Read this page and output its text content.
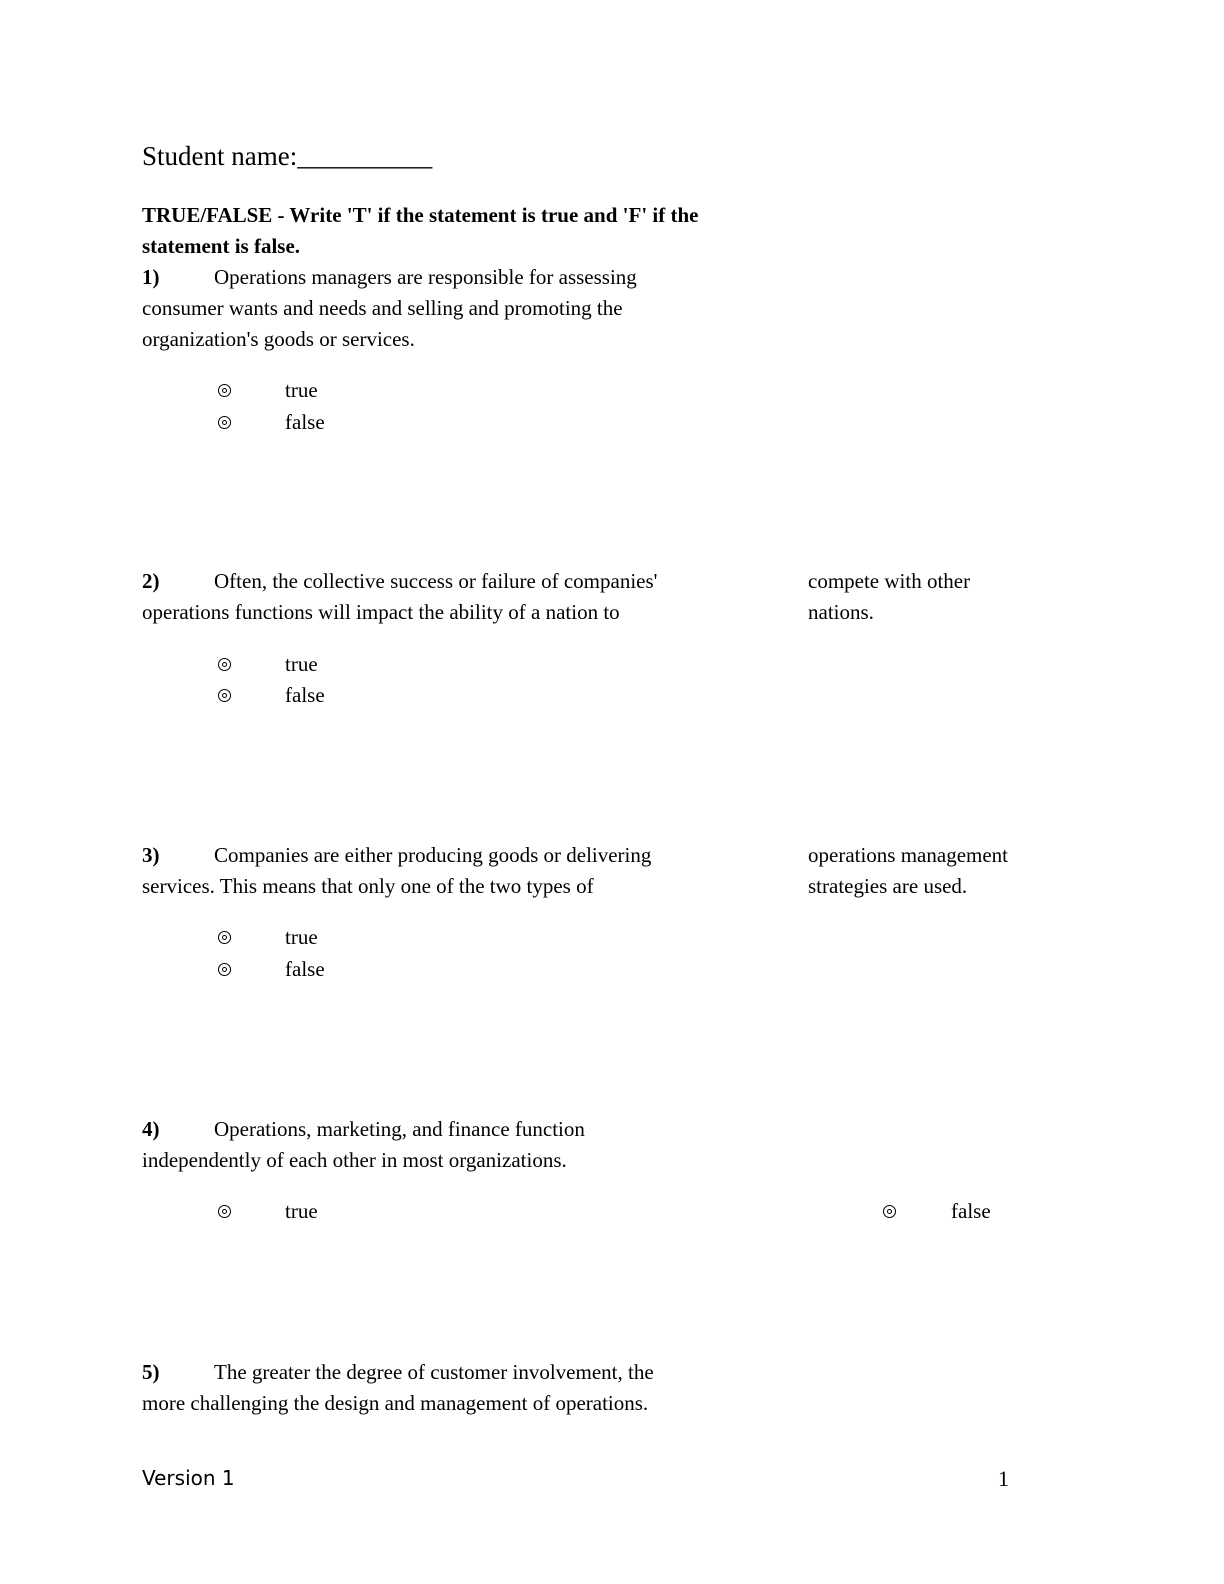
Student name:__________
TRUE/FALSE - Write 'T' if the statement is true and 'F' if the statement is false.
1)	Operations managers are responsible for assessing
consumer wants and needs and selling and promoting the
organization's goods or services.
true
false
2)	Often, the collective success or failure of companies'
operations functions will impact the ability of a nation to
compete with other
nations.
true
false
3)	Companies are either producing goods or delivering
services. This means that only one of the two types of
operations management
strategies are used.
true
false
4)	Operations, marketing, and finance function
independently of each other in most organizations.
true	false
5)	The greater the degree of customer involvement, the
more challenging the design and management of operations.
Version 1	1
